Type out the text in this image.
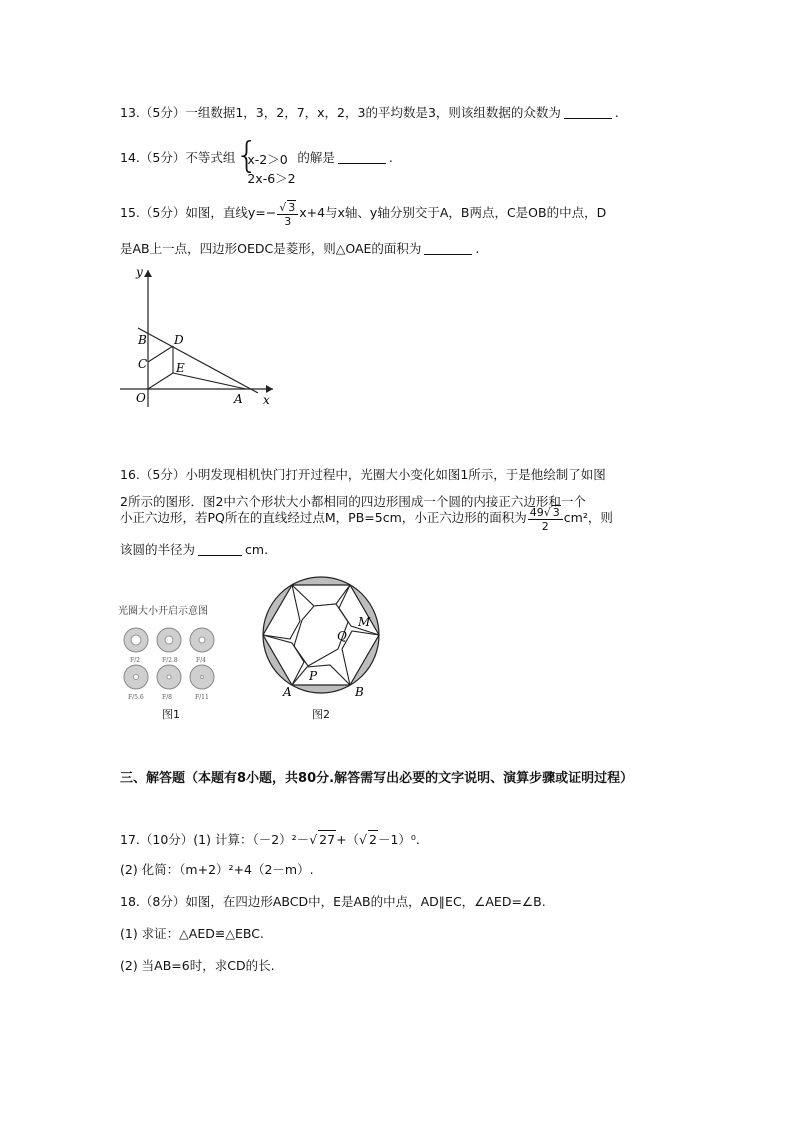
13.（5分）一组数据1，3，2，7，x，2，3的平均数是3，则该组数据的众数为	.
14.（5分）不等式组 {
x-2＞0
2x-6＞2
的解是	.
15.（5分）如图，直线$y=- \frac{√ 3}{3} x+4$与x轴、y轴分别交于A，B两点，C是OB的中点，D
是AB上一点，四边形OEDC是菱形，则△OAE的面积为	.
y
x
B
C
D
E
O	A
16.（5分）小明发现相机快门打开过程中，光圈大小变化如图1所示，于是他绘制了如图
2所示的图形．图2中六个形状大小都相同的四边形围成一个圆的内接正六边形和一个
小正六边形，若PQ所在的直线经过点M，PB=5cm，小正六边形的面积为 $\frac{49√ 3}{2} cm^2$，则
该圆的半径为	cm.
光圈大小开启示意图
F/2	F/2.8	F/4
F/5.6	F/8	F/11
图1
Q
M
P
A	B
图2
三、解答题（本题有8小题，共80分.解答需写出必要的文字说明、演算步骤或证明过程）
17.（10分）(1) 计算：（－2）²－√ 27+（√ 2－1）⁰.
(2) 化简：（m+2）²+4（2－m）.
18.（8分）如图，在四边形ABCD中，E是AB的中点，AD∥EC，∠AED=∠B.
(1) 求证：△AED≌△EBC.
(2) 当AB=6时，求CD的长.
